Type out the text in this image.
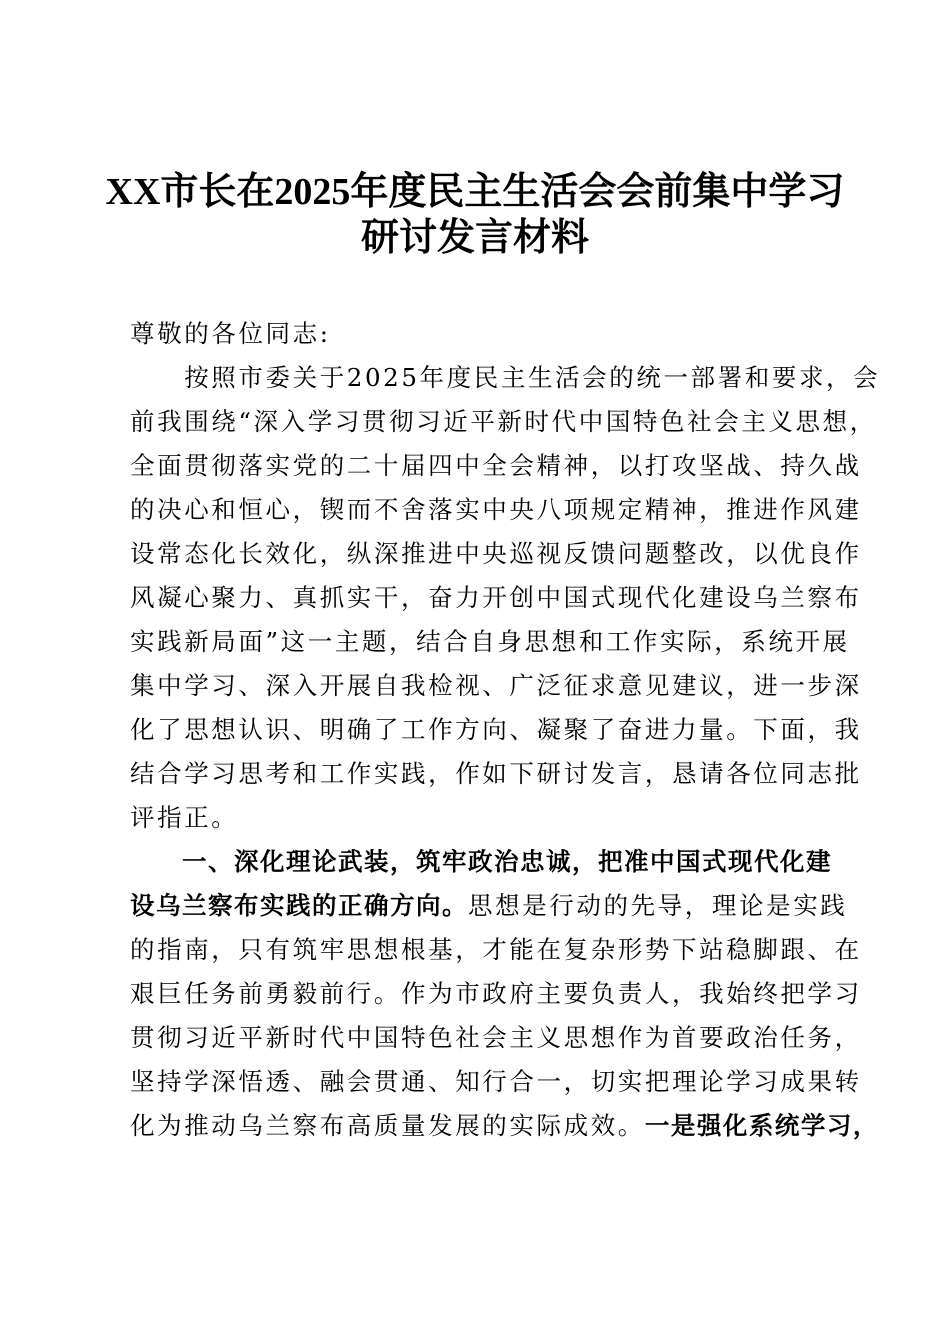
XX市长在2025年度民主生活会会前集中学习
研讨发言材料
尊敬的各位同志:
　　按照市委关于2025年度民主生活会的统一部署和要求，会
前我围绕“深入学习贯彻习近平新时代中国特色社会主义思想，
全面贯彻落实党的二十届四中全会精神，以打攻坚战、持久战
的决心和恒心，锲而不舍落实中央八项规定精神，推进作风建
设常态化长效化，纵深推进中央巡视反馈问题整改，以优良作
风凝心聚力、真抓实干，奋力开创中国式现代化建设乌兰察布
实践新局面”这一主题，结合自身思想和工作实际，系统开展
集中学习、深入开展自我检视、广泛征求意见建议，进一步深
化了思想认识、明确了工作方向、凝聚了奋进力量。下面，我
结合学习思考和工作实践，作如下研讨发言，恳请各位同志批
评指正。
　　一、深化理论武装，筑牢政治忠诚，把准中国式现代化建
设乌兰察布实践的正确方向。思想是行动的先导，理论是实践
的指南，只有筑牢思想根基，才能在复杂形势下站稳脚跟、在
艰巨任务前勇毅前行。作为市政府主要负责人，我始终把学习
贯彻习近平新时代中国特色社会主义思想作为首要政治任务，
坚持学深悟透、融会贯通、知行合一，切实把理论学习成果转
化为推动乌兰察布高质量发展的实际成效。一是强化系统学习，
